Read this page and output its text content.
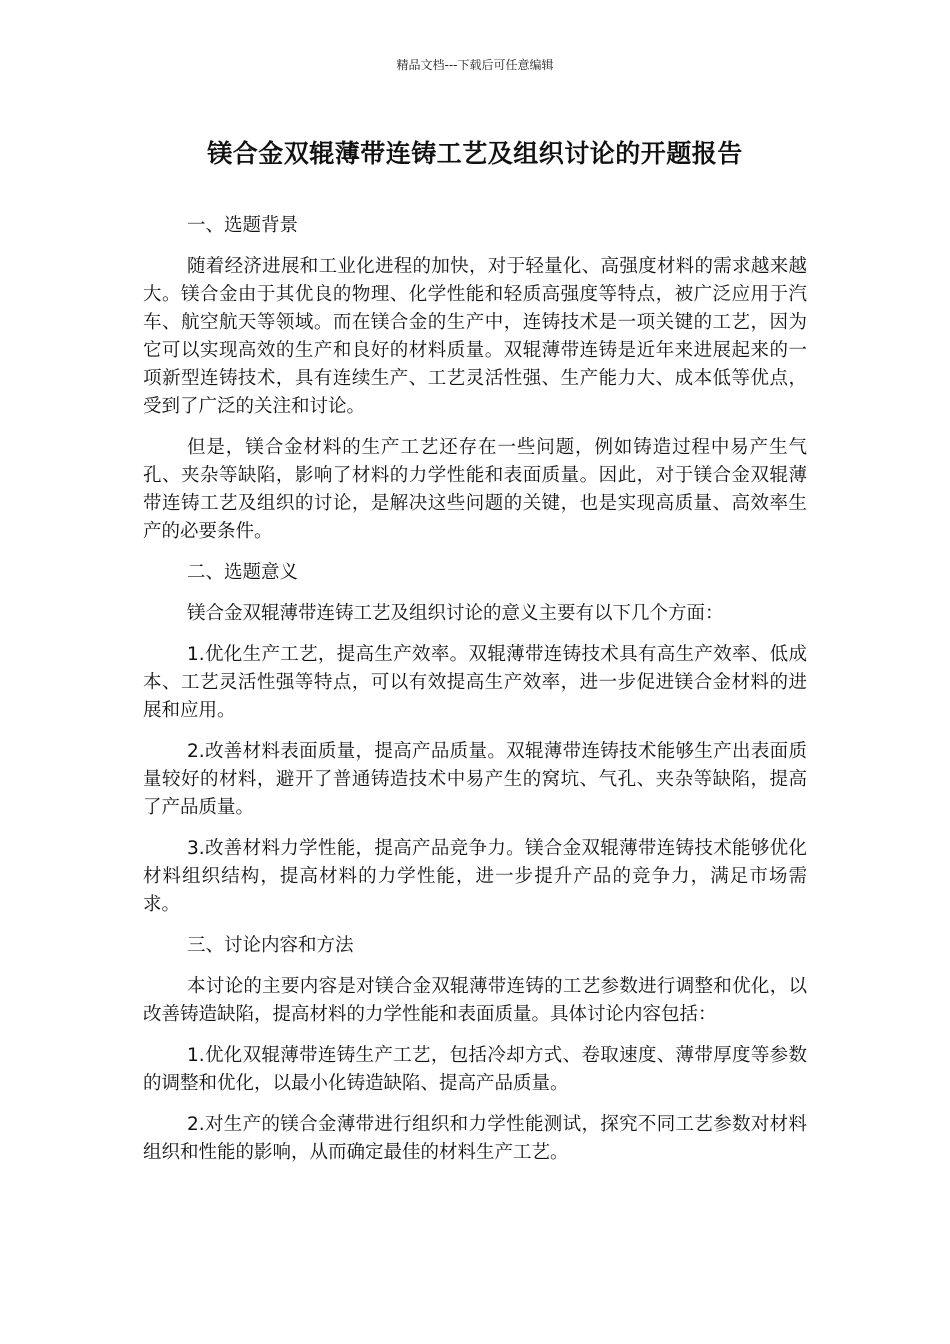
精品文档---下载后可任意编辑
镁合金双辊薄带连铸工艺及组织讨论的开题报告

一、选题背景

随着经济进展和工业化进程的加快，对于轻量化、高强度材料的需求越来越大。镁合金由于其优良的物理、化学性能和轻质高强度等特点，被广泛应用于汽车、航空航天等领域。而在镁合金的生产中，连铸技术是一项关键的工艺，因为它可以实现高效的生产和良好的材料质量。双辊薄带连铸是近年来进展起来的一项新型连铸技术，具有连续生产、工艺灵活性强、生产能力大、成本低等优点，受到了广泛的关注和讨论。

但是，镁合金材料的生产工艺还存在一些问题，例如铸造过程中易产生气孔、夹杂等缺陷，影响了材料的力学性能和表面质量。因此，对于镁合金双辊薄带连铸工艺及组织的讨论，是解决这些问题的关键，也是实现高质量、高效率生产的必要条件。

二、选题意义

镁合金双辊薄带连铸工艺及组织讨论的意义主要有以下几个方面：

1.优化生产工艺，提高生产效率。双辊薄带连铸技术具有高生产效率、低成本、工艺灵活性强等特点，可以有效提高生产效率，进一步促进镁合金材料的进展和应用。

2.改善材料表面质量，提高产品质量。双辊薄带连铸技术能够生产出表面质量较好的材料，避开了普通铸造技术中易产生的窝坑、气孔、夹杂等缺陷，提高了产品质量。

3.改善材料力学性能，提高产品竞争力。镁合金双辊薄带连铸技术能够优化材料组织结构，提高材料的力学性能，进一步提升产品的竞争力，满足市场需求。

三、讨论内容和方法

本讨论的主要内容是对镁合金双辊薄带连铸的工艺参数进行调整和优化，以改善铸造缺陷，提高材料的力学性能和表面质量。具体讨论内容包括：

1.优化双辊薄带连铸生产工艺，包括冷却方式、卷取速度、薄带厚度等参数的调整和优化，以最小化铸造缺陷、提高产品质量。

2.对生产的镁合金薄带进行组织和力学性能测试，探究不同工艺参数对材料组织和性能的影响，从而确定最佳的材料生产工艺。
